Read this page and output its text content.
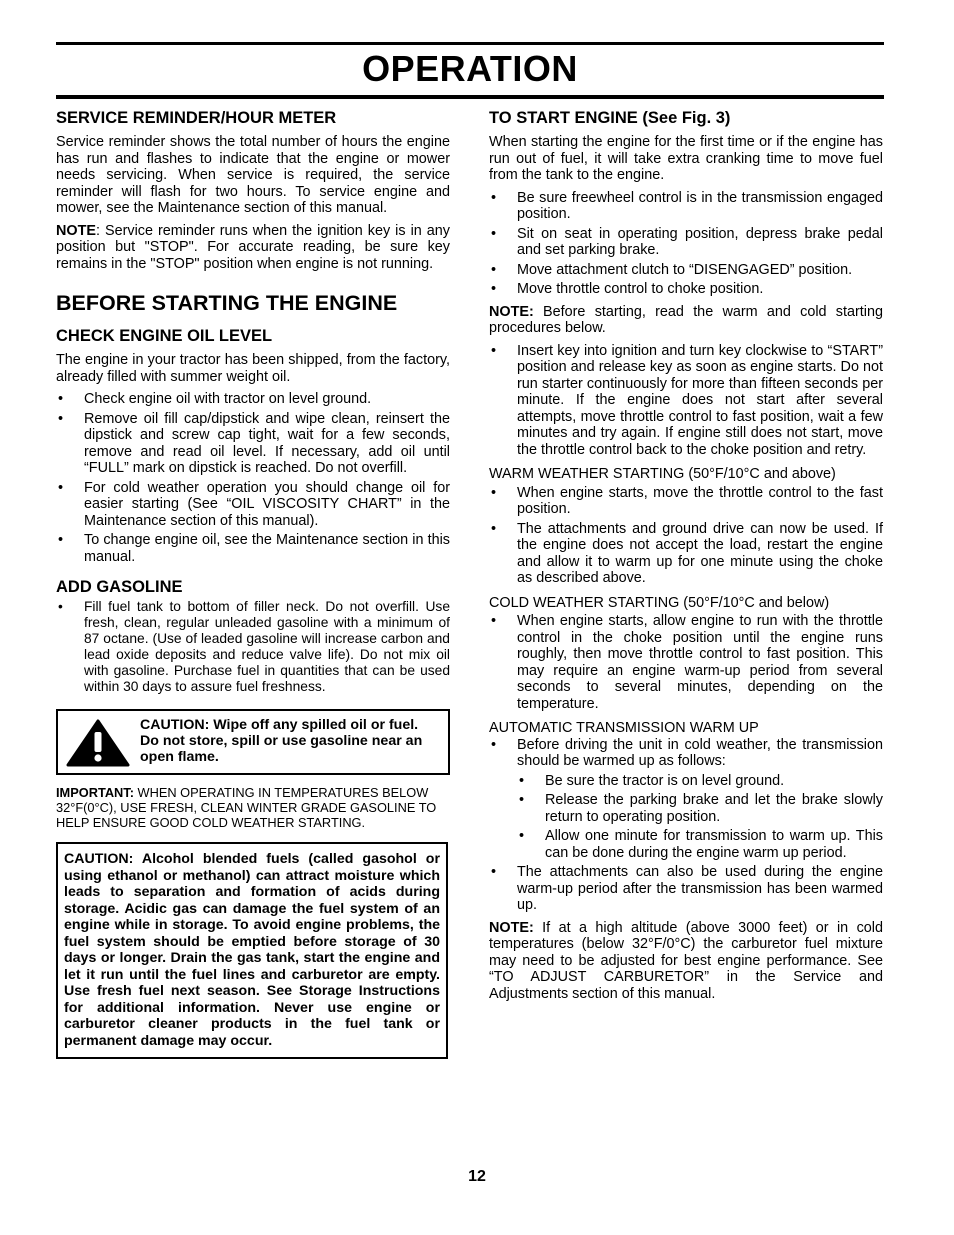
OPERATION
SERVICE REMINDER/HOUR METER

Service reminder shows the total number of hours the engine has run and flashes to indicate that the engine or mower needs servicing. When service is required, the service reminder will flash for two hours. To service engine and mower, see the Maintenance section of this manual.

NOTE: Service reminder runs when the ignition key is in any position but "STOP". For accurate reading, be sure key remains in the "STOP" position when engine is not running.

BEFORE STARTING THE ENGINE
CHECK ENGINE OIL LEVEL

The engine in your tractor has been shipped, from the factory, already filled with summer weight oil.

• Check engine oil with tractor on level ground.
• Remove oil fill cap/dipstick and wipe clean, reinsert the dipstick and screw cap tight, wait for a few seconds, remove and read oil level. If necessary, add oil until “FULL” mark on dipstick is reached. Do not overfill.
• For cold weather operation you should change oil for easier starting (See “OIL VISCOSITY CHART” in the Maintenance section of this manual).
• To change engine oil, see the Maintenance section in this manual.
ADD GASOLINE
• Fill fuel tank to bottom of filler neck. Do not overfill. Use fresh, clean, regular unleaded gasoline with a minimum of 87 octane. (Use of leaded gasoline will increase carbon and lead oxide deposits and reduce valve life). Do not mix oil with gasoline. Purchase fuel in quantities that can be used within 30 days to assure fuel freshness.
CAUTION: Wipe off any spilled oil or fuel. Do not store, spill or use gasoline near an open flame.
IMPORTANT: WHEN OPERATING IN TEMPERATURES BELOW 32°F(0°C), USE FRESH, CLEAN WINTER GRADE GASOLINE TO HELP ENSURE GOOD COLD WEATHER STARTING.
CAUTION: Alcohol blended fuels (called gasohol or using ethanol or methanol) can attract moisture which leads to separation and formation of acids during storage. Acidic gas can damage the fuel system of an engine while in storage. To avoid engine problems, the fuel system should be emptied before storage of 30 days or longer. Drain the gas tank, start the engine and let it run until the fuel lines and carburetor are empty. Use fresh fuel next season. See Storage Instructions for additional information. Never use engine or carburetor cleaner products in the fuel tank or permanent damage may occur.
TO START ENGINE (See Fig. 3)

When starting the engine for the first time or if the engine has run out of fuel, it will take extra cranking time to move fuel from the tank to the engine.

• Be sure freewheel control is in the transmission engaged position.
• Sit on seat in operating position, depress brake pedal and set parking brake.
• Move attachment clutch to “DISENGAGED” position.
• Move throttle control to choke position.

NOTE: Before starting, read the warm and cold starting procedures below.

• Insert key into ignition and turn key clockwise to “START” position and release key as soon as engine starts. Do not run starter continuously for more than fifteen seconds per minute. If the engine does not start after several attempts, move throttle control to fast position, wait a few minutes and try again. If engine still does not start, move the throttle control back to the choke position and retry.

WARM WEATHER STARTING (50°F/10°C and above)

• When engine starts, move the throttle control to the fast position.
• The attachments and ground drive can now be used. If the engine does not accept the load, restart the engine and allow it to warm up for one minute using the choke as described above.

COLD WEATHER STARTING (50°F/10°C and below)

• When engine starts, allow engine to run with the throttle control in the choke position until the engine runs roughly, then move throttle control to fast position. This may require an engine warm-up period from several seconds to several minutes, depending on the temperature.

AUTOMATIC TRANSMISSION WARM UP

• Before driving the unit in cold weather, the transmission should be warmed up as follows:
• Be sure the tractor is on level ground.
• Release the parking brake and let the brake slowly return to operating position.
• Allow one minute for transmission to warm up. This can be done during the engine warm up period.
• The attachments can also be used during the engine warm-up period after the transmission has been warmed up.

NOTE: If at a high altitude (above 3000 feet) or in cold temperatures (below 32°F/0°C) the carburetor fuel mixture may need to be adjusted for best engine performance. See “TO ADJUST CARBURETOR” in the Service and Adjustments section of this manual.

12
